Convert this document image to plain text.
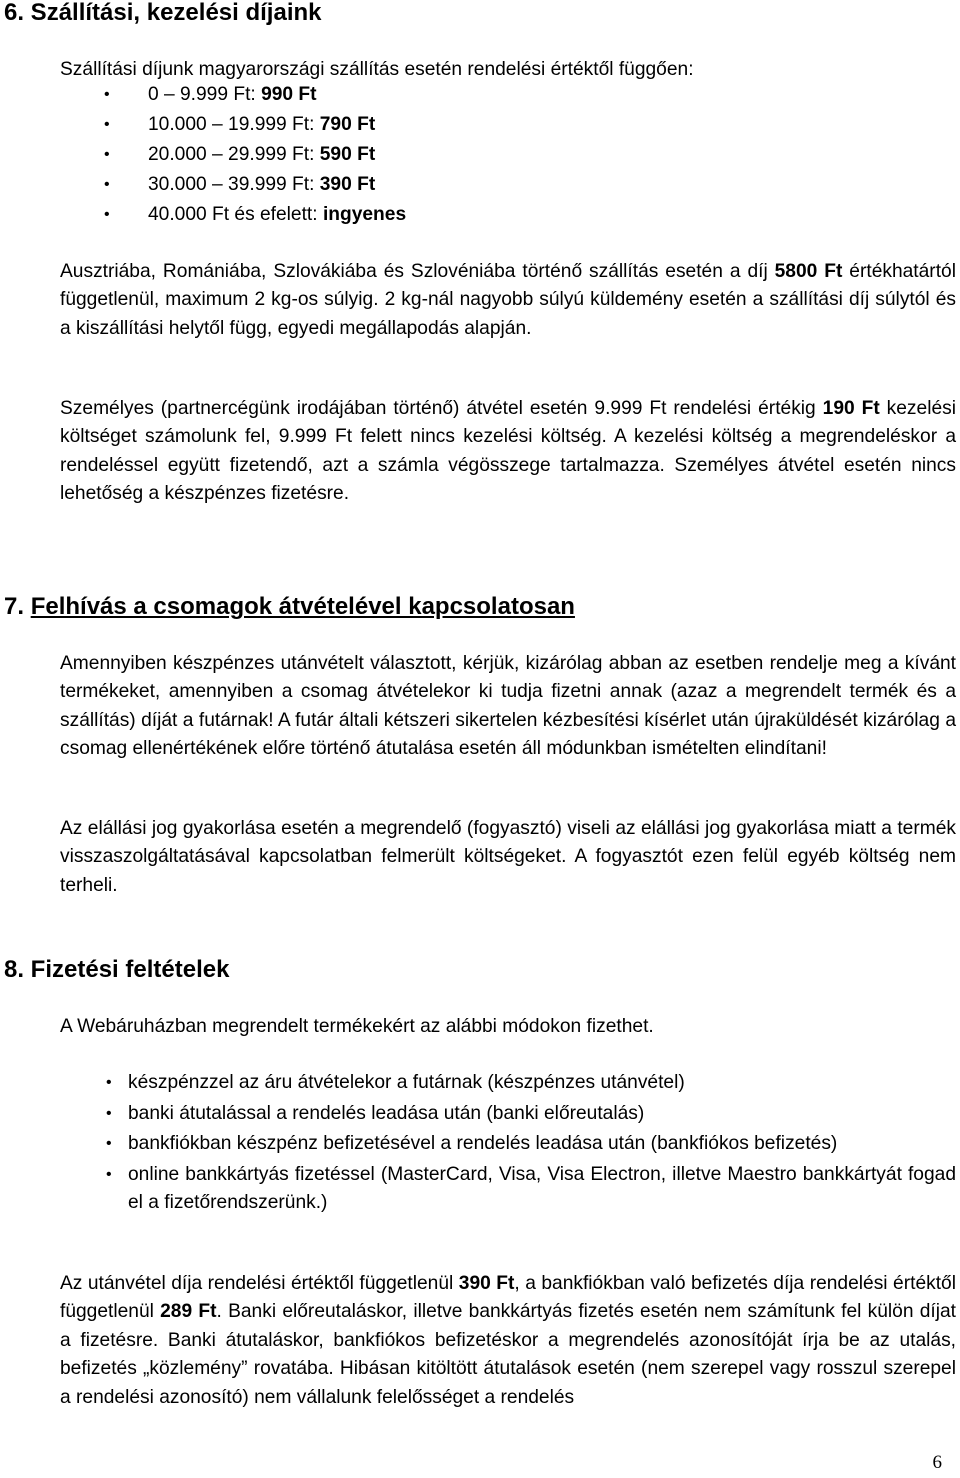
6. Szállítási, kezelési díjaink
Szállítási díjunk magyarországi szállítás esetén rendelési értéktől függően:
• 0 – 9.999 Ft: 990 Ft
• 10.000 – 19.999 Ft: 790 Ft
• 20.000 – 29.999 Ft: 590 Ft
• 30.000 – 39.999 Ft: 390 Ft
• 40.000 Ft és efelett: ingyenes

Ausztriába, Romániába, Szlovákiába és Szlovéniába történő szállítás esetén a díj 5800 Ft értékhatártól függetlenül, maximum 2 kg-os súlyig. 2 kg-nál nagyobb súlyú küldemény esetén a szállítási díj súlytól és a kiszállítási helytől függ, egyedi megállapodás alapján.

Személyes (partnercégünk irodájában történő) átvétel esetén 9.999 Ft rendelési értékig 190 Ft kezelési költséget számolunk fel, 9.999 Ft felett nincs kezelési költség. A kezelési költség a megrendeléskor a rendeléssel együtt fizetendő, azt a számla végösszege tartalmazza. Személyes átvétel esetén nincs lehetőség a készpénzes fizetésre.

7. Felhívás a csomagok átvételével kapcsolatosan

Amennyiben készpénzes utánvételt választott, kérjük, kizárólag abban az esetben rendelje meg a kívánt termékeket, amennyiben a csomag átvételekor ki tudja fizetni annak (azaz a megrendelt termék és a szállítás) díját a futárnak! A futár általi kétszeri sikertelen kézbesítési kísérlet után újraküldését kizárólag a csomag ellenértékének előre történő átutalása esetén áll módunkban ismételten elindítani!

Az elállási jog gyakorlása esetén a megrendelő (fogyasztó) viseli az elállási jog gyakorlása miatt a termék visszaszolgáltatásával kapcsolatban felmerült költségeket. A fogyasztót ezen felül egyéb költség nem terheli.

8. Fizetési feltételek
A Webáruházban megrendelt termékekért az alábbi módokon fizethet.
• készpénzzel az áru átvételekor a futárnak (készpénzes utánvétel)
• banki átutalással a rendelés leadása után (banki előreutalás)
• bankfiókban készpénz befizetésével a rendelés leadása után (bankfiókos befizetés)
• online bankkártyás fizetéssel (MasterCard, Visa, Visa Electron, illetve Maestro bankkártyát fogad el a fizetőrendszerünk.)

Az utánvétel díja rendelési értéktől függetlenül 390 Ft, a bankfiókban való befizetés díja rendelési értéktől függetlenül 289 Ft. Banki előreutaláskor, illetve bankkártyás fizetés esetén nem számítunk fel külön díjat a fizetésre. Banki átutaláskor, bankfiókos befizetéskor a megrendelés azonosítóját írja be az utalás, befizetés „közlemény” rovatába. Hibásan kitöltött átutalások esetén (nem szerepel vagy rosszul szerepel a rendelési azonosító) nem vállalunk felelősséget a rendelés

6
